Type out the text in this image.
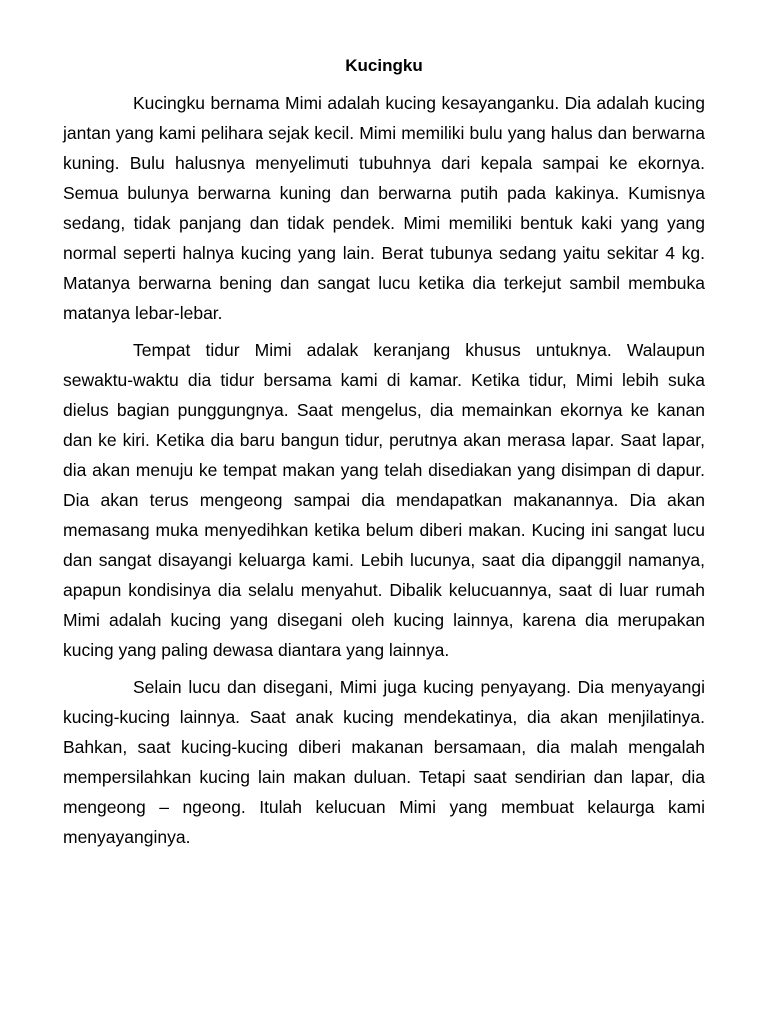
Kucingku

Kucingku bernama Mimi adalah kucing kesayanganku. Dia adalah kucing jantan yang kami pelihara sejak kecil. Mimi memiliki bulu yang halus dan berwarna kuning. Bulu halusnya menyelimuti tubuhnya dari kepala sampai ke ekornya. Semua bulunya berwarna kuning dan berwarna putih pada kakinya. Kumisnya sedang, tidak panjang dan tidak pendek. Mimi memiliki bentuk kaki yang yang normal seperti halnya kucing yang lain. Berat tubunya sedang yaitu sekitar 4 kg. Matanya berwarna bening dan sangat lucu ketika dia terkejut sambil membuka matanya lebar-lebar.

Tempat tidur Mimi adalak keranjang khusus untuknya. Walaupun sewaktu-waktu dia tidur bersama kami di kamar. Ketika tidur, Mimi lebih suka dielus bagian punggungnya. Saat mengelus, dia memainkan ekornya ke kanan dan ke kiri. Ketika dia baru bangun tidur, perutnya akan merasa lapar. Saat lapar, dia akan menuju ke tempat makan yang telah disediakan yang disimpan di dapur. Dia akan terus mengeong sampai dia mendapatkan makanannya. Dia akan memasang muka menyedihkan ketika belum diberi makan. Kucing ini sangat lucu dan sangat disayangi keluarga kami. Lebih lucunya, saat dia dipanggil namanya, apapun kondisinya dia selalu menyahut. Dibalik kelucuannya, saat di luar rumah Mimi adalah kucing yang disegani oleh kucing lainnya, karena dia merupakan kucing yang paling dewasa diantara yang lainnya.

Selain lucu dan disegani, Mimi juga kucing penyayang. Dia menyayangi kucing-kucing lainnya. Saat anak kucing mendekatinya, dia akan menjilatinya. Bahkan, saat kucing-kucing diberi makanan bersamaan, dia malah mengalah mempersilahkan kucing lain makan duluan. Tetapi saat sendirian dan lapar, dia mengeong – ngeong. Itulah kelucuan Mimi yang membuat kelaurga kami menyayanginya.
